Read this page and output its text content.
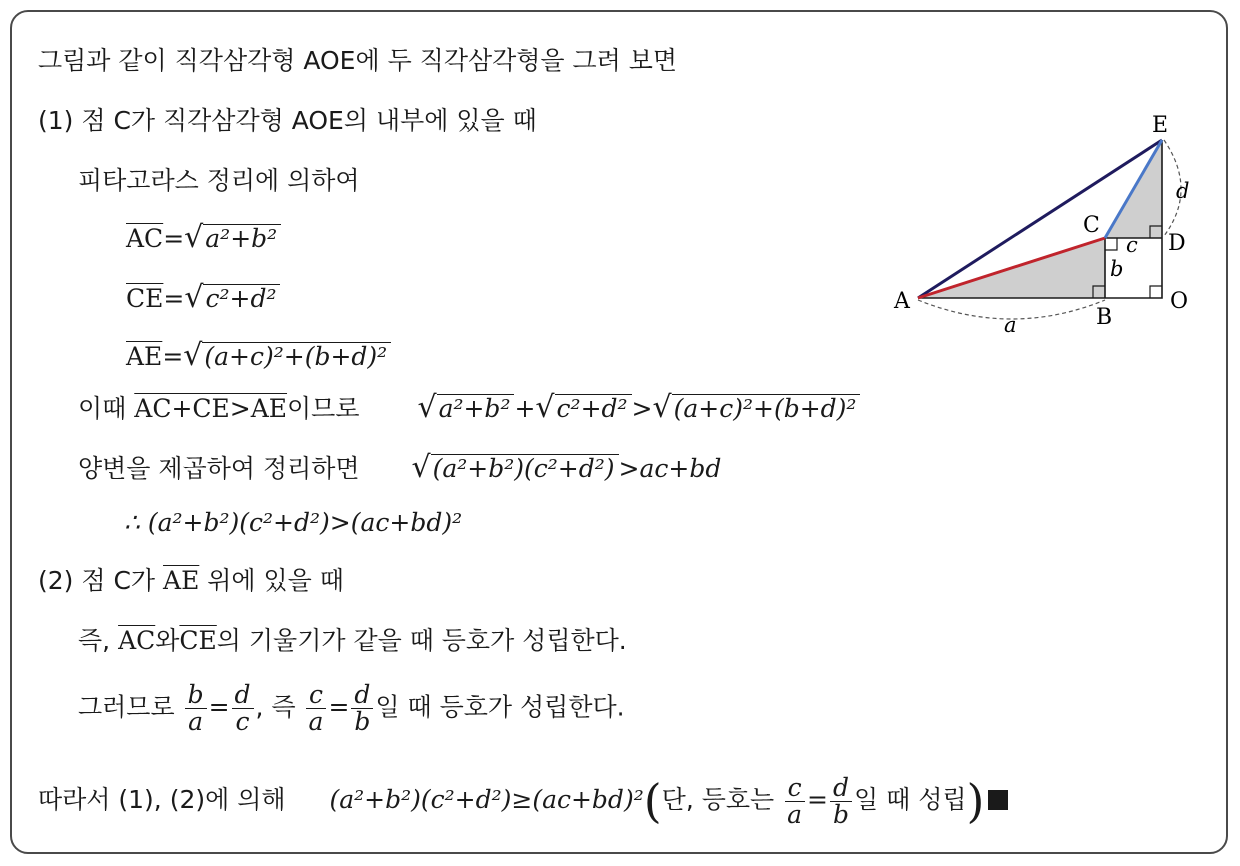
그림과 같이 직각삼각형 AOE에 두 직각삼각형을 그려 보면
(1) 점 C가 직각삼각형 AOE의 내부에 있을 때
피타고라스 정리에 의하여
$\overline{AC}=√a^2+b^2$
$\overline{CE}=√c^2+d^2$
$\overline{AE}=√(a+c)^2+(b+d)^2$
이때 AC+CE>AE이므로 √a²+b² +√c²+d² >√(a+c)²+(b+d)²
양변을 제곱하여 정리하면 √(a²+b²)(c²+d²) >ac+bd
∴ (a²+b²)(c²+d²)>(ac+bd)²
(2) 점 C가 $\overline{AE}$ 위에 있을 때
즉, $\overline{AC}$와$\overline{CE}$의 기울기가 같을 때 등호가 성립한다.
그러므로 $\frac{b}{a} = \frac{d}{c}$ , 즉 $\frac{c}{a} = \frac{d}{b}$ 일 때 등호가 성립한다.
따라서 (1), (2)에 의해 (a²+b²)(c²+d²)≥(ac+bd)²(단, 등호는 $\frac{c}{a} = \frac{d}{b}$ 일 때 성립)
A
B
C
D
E
O
a
b
c
d
